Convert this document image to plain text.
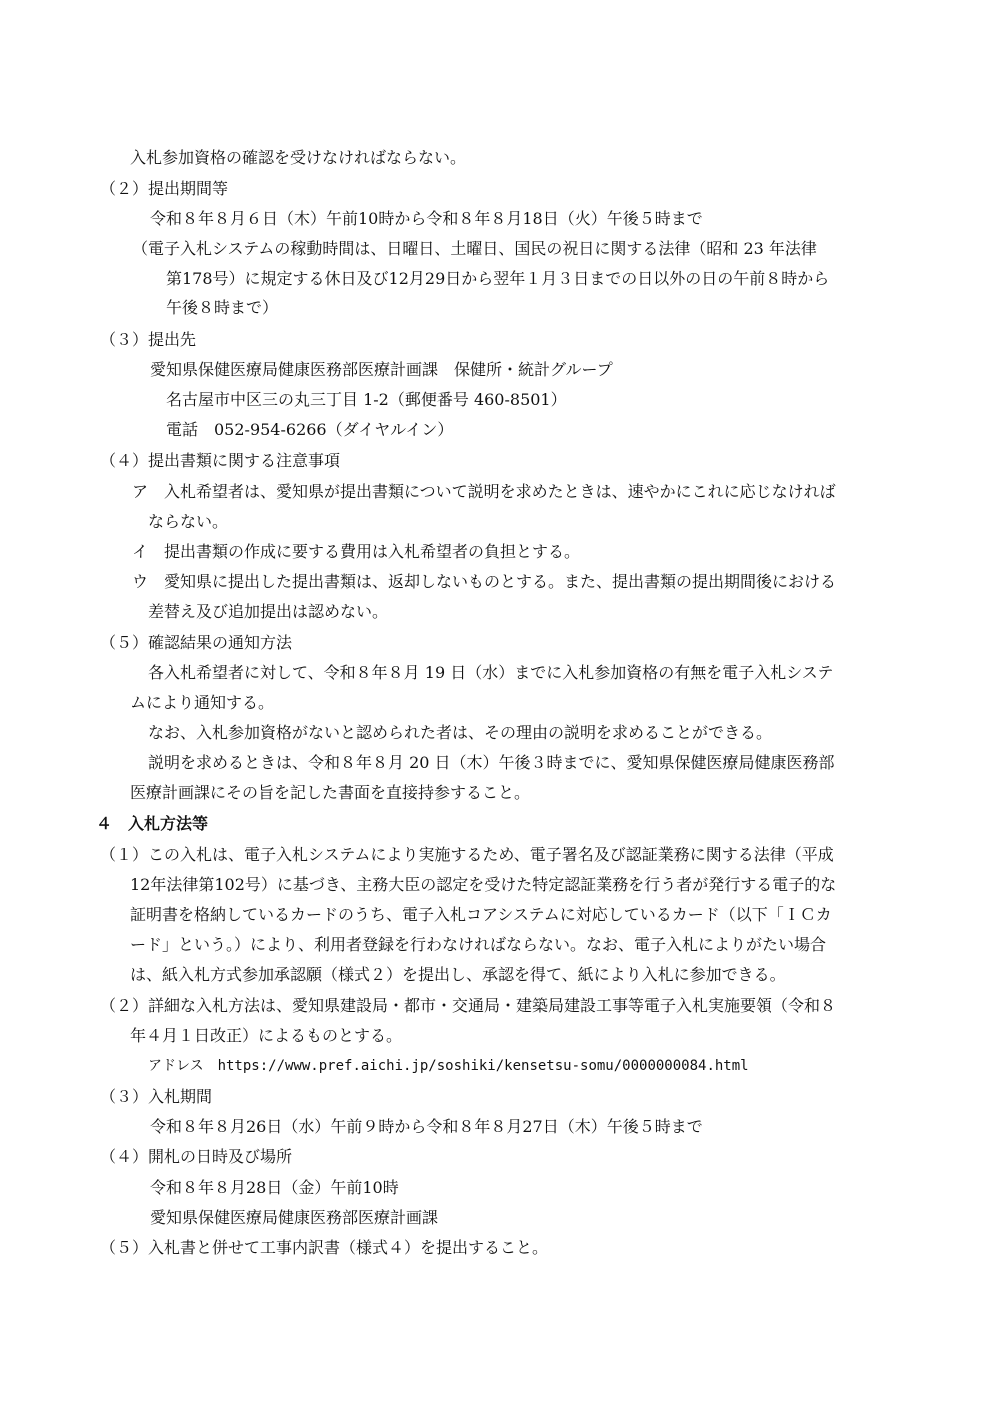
入札参加資格の確認を受けなければならない。
（２）提出期間等
令和８年８月６日（木）午前10時から令和８年８月18日（火）午後５時まで
（電子入札システムの稼動時間は、日曜日、土曜日、国民の祝日に関する法律（昭和 23 年法律
第178号）に規定する休日及び12月29日から翌年１月３日までの日以外の日の午前８時から
午後８時まで）
（３）提出先
愛知県保健医療局健康医務部医療計画課　保健所・統計グループ
名古屋市中区三の丸三丁目 1-2（郵便番号 460-8501）
電話　052-954-6266（ダイヤルイン）
（４）提出書類に関する注意事項
ア　入札希望者は、愛知県が提出書類について説明を求めたときは、速やかにこれに応じなければ
ならない。
イ　提出書類の作成に要する費用は入札希望者の負担とする。
ウ　愛知県に提出した提出書類は、返却しないものとする。また、提出書類の提出期間後における
差替え及び追加提出は認めない。
（５）確認結果の通知方法
各入札希望者に対して、令和８年８月 19 日（水）までに入札参加資格の有無を電子入札システ
ムにより通知する。
なお、入札参加資格がないと認められた者は、その理由の説明を求めることができる。
説明を求めるときは、令和８年８月 20 日（木）午後３時までに、愛知県保健医療局健康医務部
医療計画課にその旨を記した書面を直接持参すること。
４　入札方法等
（１）この入札は、電子入札システムにより実施するため、電子署名及び認証業務に関する法律（平成
12年法律第102号）に基づき、主務大臣の認定を受けた特定認証業務を行う者が発行する電子的な
証明書を格納しているカードのうち、電子入札コアシステムに対応しているカード（以下「ＩＣカ
ード」という。）により、利用者登録を行わなければならない。なお、電子入札によりがたい場合
は、紙入札方式参加承認願（様式２）を提出し、承認を得て、紙により入札に参加できる。
（２）詳細な入札方法は、愛知県建設局・都市・交通局・建築局建設工事等電子入札実施要領（令和８
年４月１日改正）によるものとする。
アドレス　https://www.pref.aichi.jp/soshiki/kensetsu-somu/0000000084.html
（３）入札期間
令和８年８月26日（水）午前９時から令和８年８月27日（木）午後５時まで
（４）開札の日時及び場所
令和８年８月28日（金）午前10時
愛知県保健医療局健康医務部医療計画課
（５）入札書と併せて工事内訳書（様式４）を提出すること。
